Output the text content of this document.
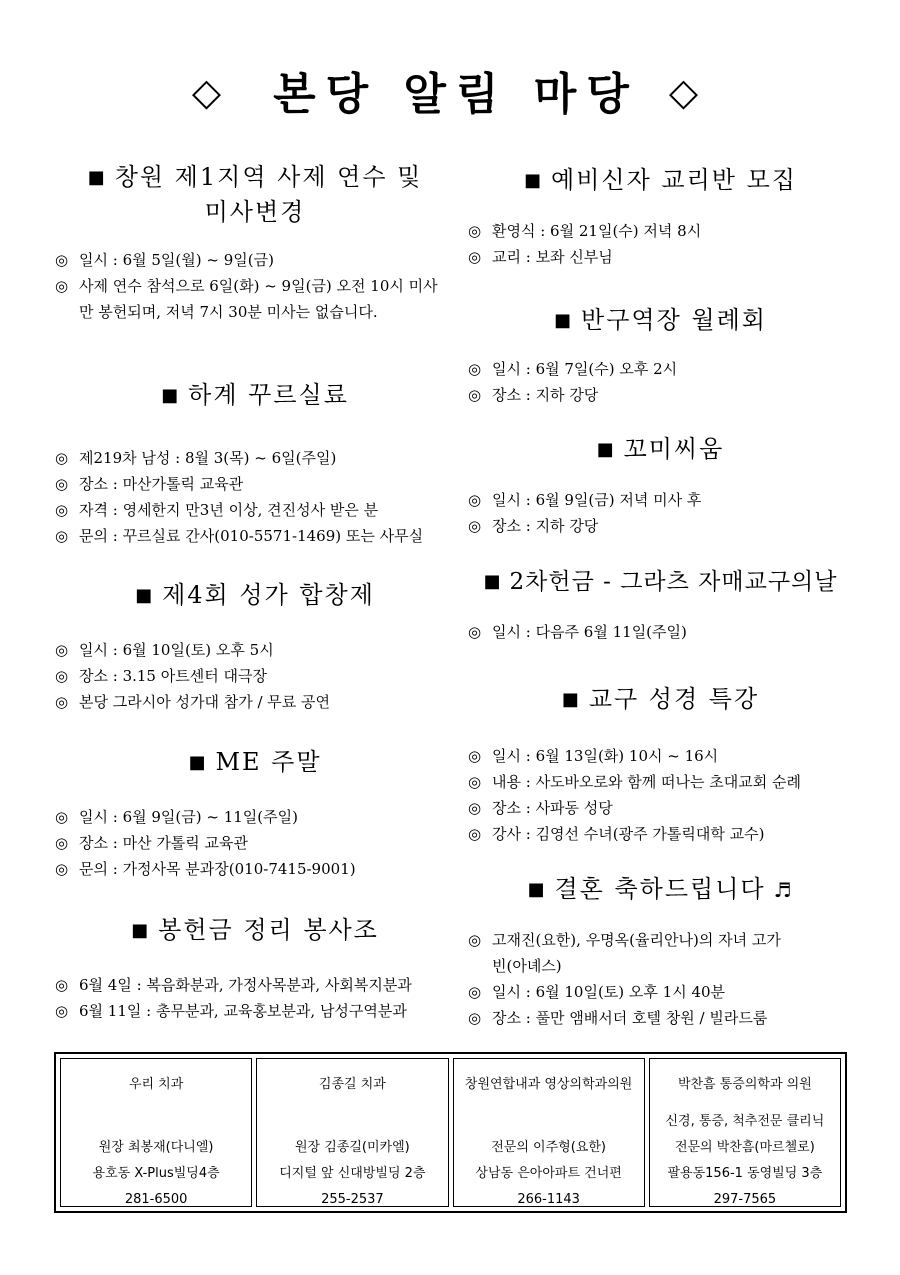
◇ 본당 알림 마당 ◇
■ 창원 제1지역 사제 연수 및
미사변경
◎ 일시 : 6월 5일(월) ~ 9일(금)
◎ 사제 연수 참석으로 6일(화) ~ 9일(금) 오전 10시 미사만 봉헌되며, 저녁 7시 30분 미사는 없습니다.
■ 하계 꾸르실료
◎ 제219차 남성 : 8월 3(목) ~ 6일(주일)
◎ 장소 : 마산가톨릭 교육관
◎ 자격 : 영세한지 만3년 이상, 견진성사 받은 분
◎ 문의 : 꾸르실료 간사(010-5571-1469) 또는 사무실
■ 제4회 성가 합창제
◎ 일시 : 6월 10일(토) 오후 5시
◎ 장소 : 3.15 아트센터 대극장
◎ 본당 그라시아 성가대 참가 / 무료 공연
■ ME 주말
◎ 일시 : 6월 9일(금) ~ 11일(주일)
◎ 장소 : 마산 가톨릭 교육관
◎ 문의 : 가정사목 분과장(010-7415-9001)
■ 봉헌금 정리 봉사조
◎ 6월 4일 : 복음화분과, 가정사목분과, 사회복지분과
◎ 6월 11일 : 총무분과, 교육홍보분과, 남성구역분과
■ 예비신자 교리반 모집
◎ 환영식 : 6월 21일(수) 저녁 8시
◎ 교리 : 보좌 신부님
■ 반구역장 월례회
◎ 일시 : 6월 7일(수) 오후 2시
◎ 장소 : 지하 강당
■ 꼬미씨움
◎ 일시 : 6월 9일(금) 저녁 미사 후
◎ 장소 : 지하 강당
■ 2차헌금 - 그라츠 자매교구의날
◎ 일시 : 다음주 6월 11일(주일)
■ 교구 성경 특강
◎ 일시 : 6월 13일(화) 10시 ~ 16시
◎ 내용 : 사도바오로와 함께 떠나는 초대교회 순례
◎ 장소 : 사파동 성당
◎ 강사 : 김영선 수녀(광주 가톨릭대학 교수)
■ 결혼 축하드립니다 ♬
◎ 고재진(요한), 우명옥(율리안나)의 자녀 고가빈(아녜스)
◎ 일시 : 6월 10일(토) 오후 1시 40분
◎ 장소 : 풀만 앰배서더 호텔 창원 / 빌라드룸
우리 치과

원장 최봉재(다니엘)
용호동 X-Plus빌딩4층
281-6500
김종길 치과

원장 김종길(미카엘)
디지털 앞 신대방빌딩 2층
255-2537
창원연합내과 영상의학과의원

전문의 이주형(요한)
상남동 은아아파트 건너편
266-1143
박찬흠 통증의학과 의원
신경, 통증, 척추전문 클리닉
전문의 박찬흠(마르첼로)
팔용동156-1 동영빌딩 3층
297-7565
